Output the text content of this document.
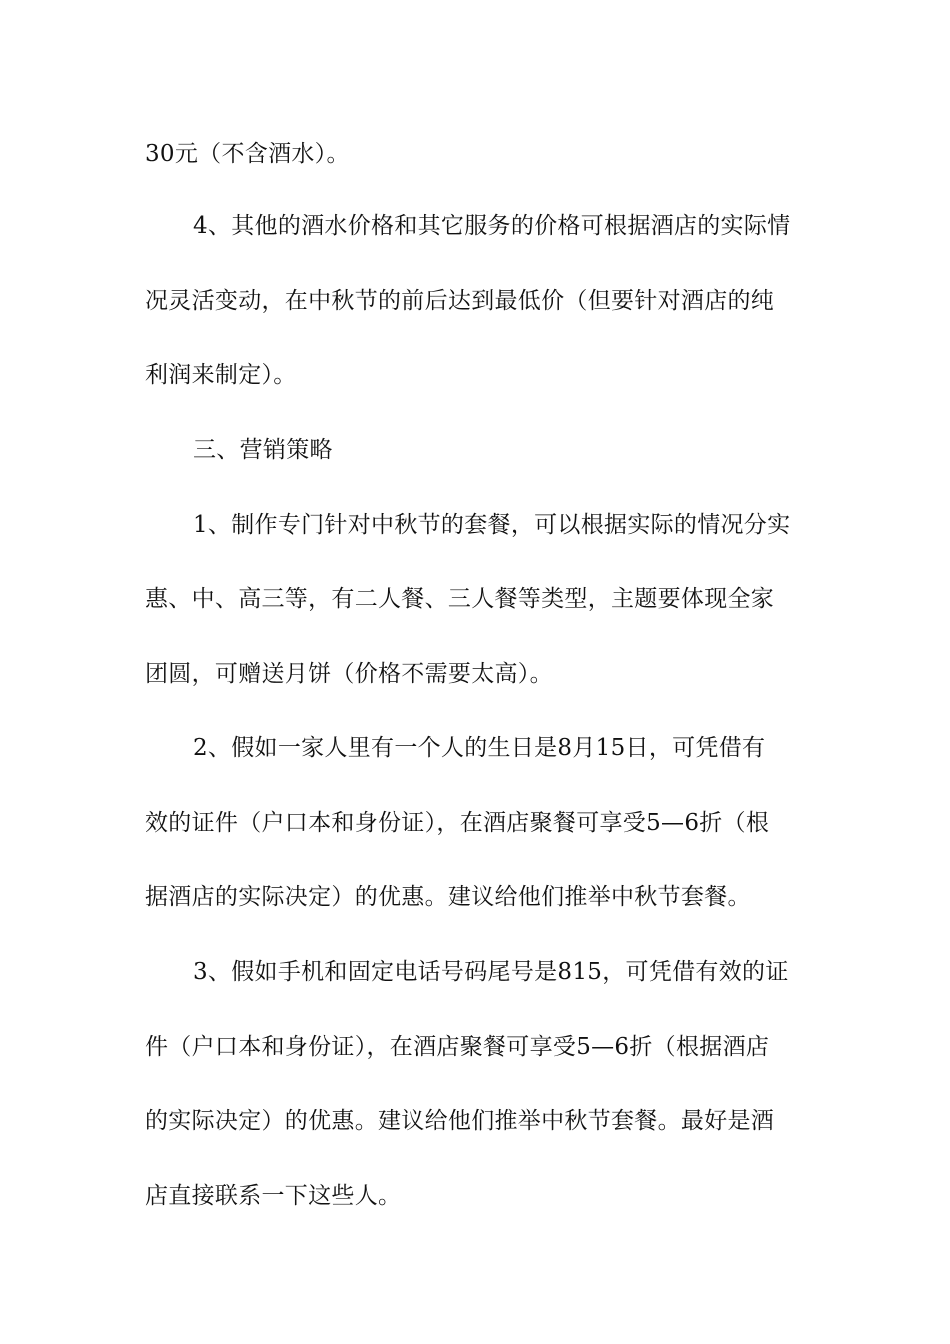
30元（不含酒水）。
4、其他的酒水价格和其它服务的价格可根据酒店的实际情
况灵活变动，在中秋节的前后达到最低价（但要针对酒店的纯
利润来制定）。
三、营销策略
1、制作专门针对中秋节的套餐，可以根据实际的情况分实
惠、中、高三等，有二人餐、三人餐等类型，主题要体现全家
团圆，可赠送月饼（价格不需要太高）。
2、假如一家人里有一个人的生日是8月15日，可凭借有
效的证件（户口本和身份证），在酒店聚餐可享受5—6折（根
据酒店的实际决定）的优惠。建议给他们推举中秋节套餐。
3、假如手机和固定电话号码尾号是815，可凭借有效的证
件（户口本和身份证），在酒店聚餐可享受5—6折（根据酒店
的实际决定）的优惠。建议给他们推举中秋节套餐。最好是酒
店直接联系一下这些人。
